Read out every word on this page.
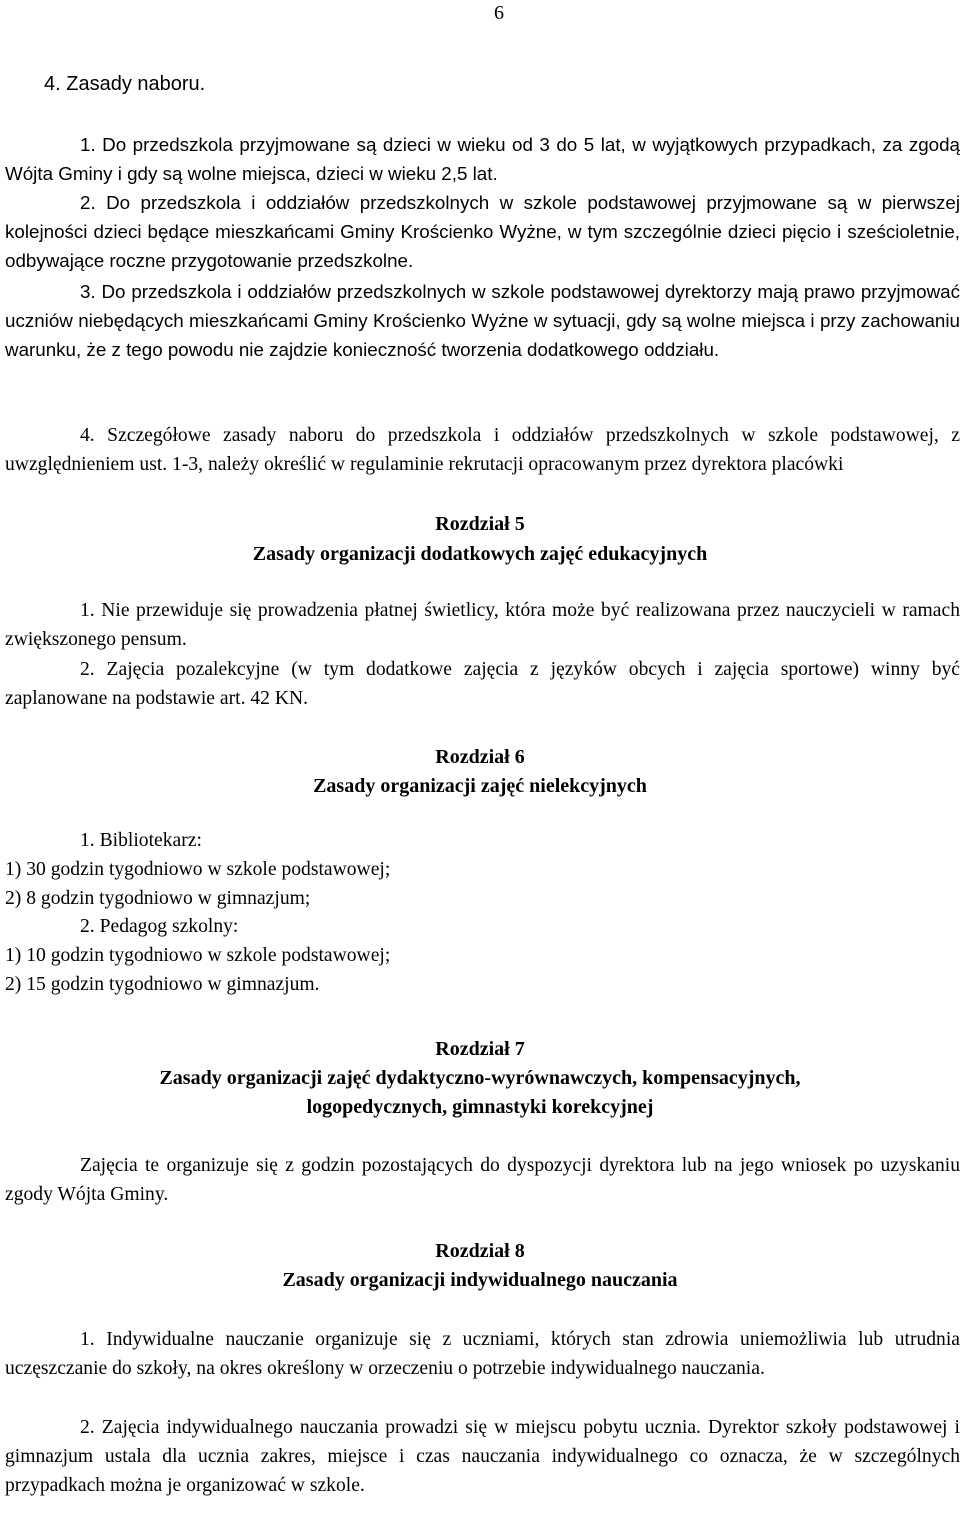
6
4. Zasady naboru.

1. Do przedszkola przyjmowane są dzieci w wieku od 3 do 5 lat, w wyjątkowych przypadkach, za zgodą Wójta Gminy i gdy są wolne miejsca, dzieci w wieku 2,5 lat.

2. Do przedszkola i oddziałów przedszkolnych w szkole podstawowej przyjmowane są w pierwszej kolejności dzieci będące mieszkańcami Gminy Krościenko Wyżne, w tym szczególnie dzieci pięcio i sześcioletnie, odbywające roczne przygotowanie przedszkolne.

3. Do przedszkola i oddziałów przedszkolnych w szkole podstawowej dyrektorzy mają prawo przyjmować uczniów niebędących mieszkańcami Gminy Krościenko Wyżne w sytuacji, gdy są wolne miejsca i przy zachowaniu warunku, że z tego powodu nie zajdzie konieczność tworzenia dodatkowego oddziału.

4. Szczegółowe zasady naboru do przedszkola i oddziałów przedszkolnych w szkole podstawowej, z uwzględnieniem ust. 1-3, należy określić w regulaminie rekrutacji opracowanym przez dyrektora placówki

Rozdział 5
Zasady organizacji dodatkowych zajęć edukacyjnych

1. Nie przewiduje się prowadzenia płatnej świetlicy, która może być realizowana przez nauczycieli w ramach zwiększonego pensum.

2. Zajęcia pozalekcyjne (w tym dodatkowe zajęcia z języków obcych i zajęcia sportowe) winny być zaplanowane na podstawie art. 42 KN.

Rozdział 6
Zasady organizacji zajęć nielekcyjnych
1. Bibliotekarz:
1) 30 godzin tygodniowo w szkole podstawowej;
2) 8 godzin tygodniowo w gimnazjum;
2. Pedagog szkolny:
1) 10 godzin tygodniowo w szkole podstawowej;
2) 15 godzin tygodniowo w gimnazjum.
Rozdział 7
Zasady organizacji zajęć dydaktyczno-wyrównawczych, kompensacyjnych,
logopedycznych, gimnastyki korekcyjnej

Zajęcia te organizuje się z godzin pozostających do dyspozycji dyrektora lub na jego wniosek po uzyskaniu zgody Wójta Gminy.

Rozdział 8
Zasady organizacji indywidualnego nauczania

1. Indywidualne nauczanie organizuje się z uczniami, których stan zdrowia uniemożliwia lub utrudnia uczęszczanie do szkoły, na okres określony w orzeczeniu o potrzebie indywidualnego nauczania.

2. Zajęcia indywidualnego nauczania prowadzi się w miejscu pobytu ucznia. Dyrektor szkoły podstawowej i gimnazjum ustala dla ucznia zakres, miejsce i czas nauczania indywidualnego co oznacza, że w szczególnych przypadkach można je organizować w szkole.
